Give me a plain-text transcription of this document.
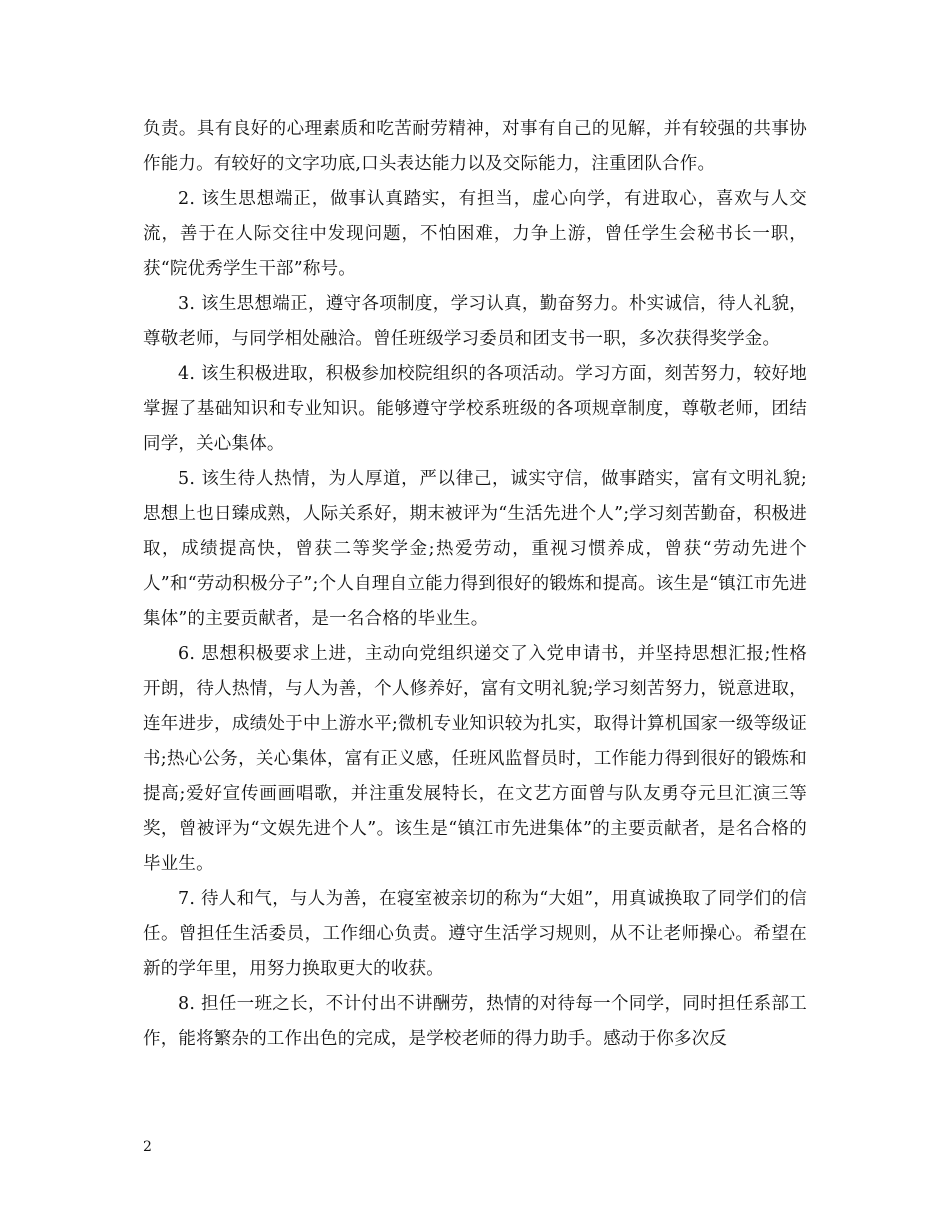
负责。具有良好的心理素质和吃苦耐劳精神，对事有自己的见解，并有较强的共事协作能力。有较好的文字功底,口头表达能力以及交际能力，注重团队合作。

2. 该生思想端正，做事认真踏实，有担当，虚心向学，有进取心，喜欢与人交流，善于在人际交往中发现问题，不怕困难，力争上游，曾任学生会秘书长一职，获“院优秀学生干部”称号。

3. 该生思想端正，遵守各项制度，学习认真，勤奋努力。朴实诚信，待人礼貌，尊敬老师，与同学相处融洽。曾任班级学习委员和团支书一职，多次获得奖学金。

4. 该生积极进取，积极参加校院组织的各项活动。学习方面，刻苦努力，较好地掌握了基础知识和专业知识。能够遵守学校系班级的各项规章制度，尊敬老师，团结同学，关心集体。

5. 该生待人热情，为人厚道，严以律己，诚实守信，做事踏实，富有文明礼貌;思想上也日臻成熟，人际关系好，期末被评为“生活先进个人”;学习刻苦勤奋，积极进取，成绩提高快，曾获二等奖学金;热爱劳动，重视习惯养成，曾获“劳动先进个人”和“劳动积极分子”;个人自理自立能力得到很好的锻炼和提高。该生是“镇江市先进集体”的主要贡献者，是一名合格的毕业生。

6. 思想积极要求上进，主动向党组织递交了入党申请书，并坚持思想汇报;性格开朗，待人热情，与人为善，个人修养好，富有文明礼貌;学习刻苦努力，锐意进取，连年进步，成绩处于中上游水平;微机专业知识较为扎实，取得计算机国家一级等级证书;热心公务，关心集体，富有正义感，任班风监督员时，工作能力得到很好的锻炼和提高;爱好宣传画画唱歌，并注重发展特长，在文艺方面曾与队友勇夺元旦汇演三等奖，曾被评为“文娱先进个人”。该生是“镇江市先进集体”的主要贡献者，是名合格的毕业生。

7. 待人和气，与人为善，在寝室被亲切的称为“大姐”，用真诚换取了同学们的信任。曾担任生活委员，工作细心负责。遵守生活学习规则，从不让老师操心。希望在新的学年里，用努力换取更大的收获。

8. 担任一班之长，不计付出不讲酬劳，热情的对待每一个同学，同时担任系部工作，能将繁杂的工作出色的完成，是学校老师的得力助手。感动于你多次反

2
